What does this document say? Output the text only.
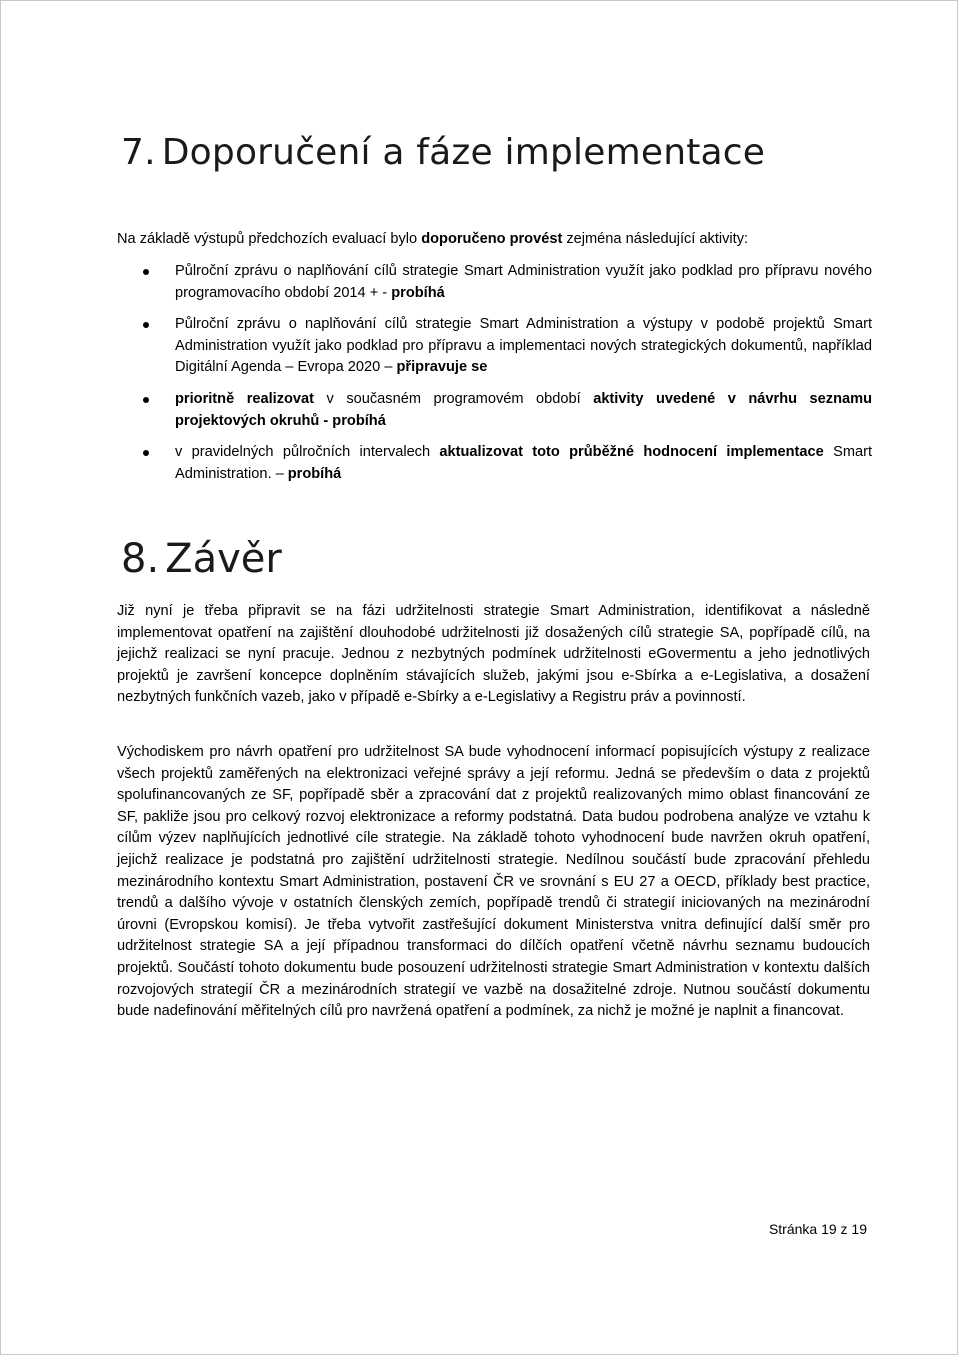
7. Doporučení a fáze implementace

Na základě výstupů předchozích evaluací bylo doporučeno provést zejména následující aktivity:

Půlroční zprávu o naplňování cílů strategie Smart Administration využít jako podklad pro přípravu nového programovacího období 2014 + - probíhá
Půlroční zprávu o naplňování cílů strategie Smart Administration a výstupy v podobě projektů Smart Administration využít jako podklad pro přípravu a implementaci nových strategických dokumentů, například Digitální Agenda – Evropa 2020 – připravuje se
prioritně realizovat v současném programovém období aktivity uvedené v návrhu seznamu projektových okruhů - probíhá
v pravidelných půlročních intervalech aktualizovat toto průběžné hodnocení implementace Smart Administration. – probíhá
8. Závěr

Již nyní je třeba připravit se na fázi udržitelnosti strategie Smart Administration, identifikovat a následně implementovat opatření na zajištění dlouhodobé udržitelnosti již dosažených cílů strategie SA, popřípadě cílů, na jejichž realizaci se nyní pracuje. Jednou z nezbytných podmínek udržitelnosti eGovermentu a jeho jednotlivých projektů je završení koncepce doplněním stávajících služeb, jakými jsou e-Sbírka a e-Legislativa, a dosažení nezbytných funkčních vazeb, jako v případě e-Sbírky a e-Legislativy a Registru práv a povinností.

Východiskem pro návrh opatření pro udržitelnost SA bude vyhodnocení informací popisujících výstupy z realizace všech projektů zaměřených na elektronizaci veřejné správy a její reformu. Jedná se především o data z projektů spolufinancovaných ze SF, popřípadě sběr a zpracování dat z projektů realizovaných mimo oblast financování ze SF, pakliže jsou pro celkový rozvoj elektronizace a reformy podstatná. Data budou podrobena analýze ve vztahu k cílům výzev naplňujících jednotlivé cíle strategie. Na základě tohoto vyhodnocení bude navržen okruh opatření, jejichž realizace je podstatná pro zajištění udržitelnosti strategie. Nedílnou součástí bude zpracování přehledu mezinárodního kontextu Smart Administration, postavení ČR ve srovnání s EU 27 a OECD, příklady best practice, trendů a dalšího vývoje v ostatních členských zemích, popřípadě trendů či strategií iniciovaných na mezinárodní úrovni (Evropskou komisí). Je třeba vytvořit zastřešující dokument Ministerstva vnitra definující další směr pro udržitelnost strategie SA a její případnou transformaci do dílčích opatření včetně návrhu seznamu budoucích projektů. Součástí tohoto dokumentu bude posouzení udržitelnosti strategie Smart Administration v kontextu dalších rozvojových strategií ČR a mezinárodních strategií ve vazbě na dosažitelné zdroje. Nutnou součástí dokumentu bude nadefinování měřitelných cílů pro navržená opatření a podmínek, za nichž je možné je naplnit a financovat.

Stránka 19 z 19
